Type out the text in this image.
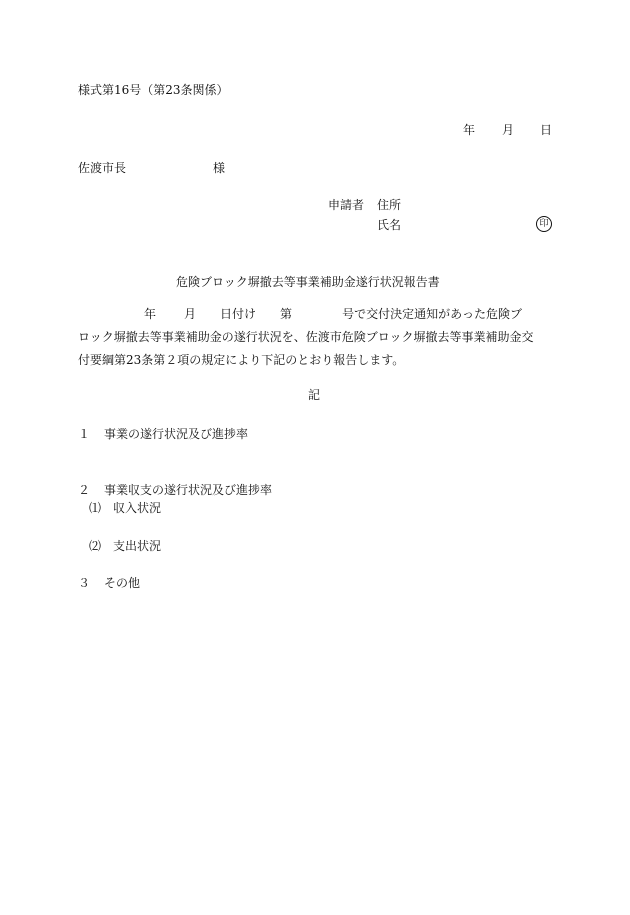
様式第16号（第23条関係）
年 月 日
佐渡市長	様
申請者 住所
氏名	印
危険ブロック塀撤去等事業補助金遂行状況報告書
年 月 日付け 第	号で交付決定通知があった危険ブ
ロック塀撤去等事業補助金の遂行状況を、佐渡市危険ブロック塀撤去等事業補助金交
付要綱第23条第２項の規定により下記のとおり報告します。
記
１ 事業の遂行状況及び進捗率
２ 事業収支の遂行状況及び進捗率
⑴ 収入状況
⑵ 支出状況
３ その他
